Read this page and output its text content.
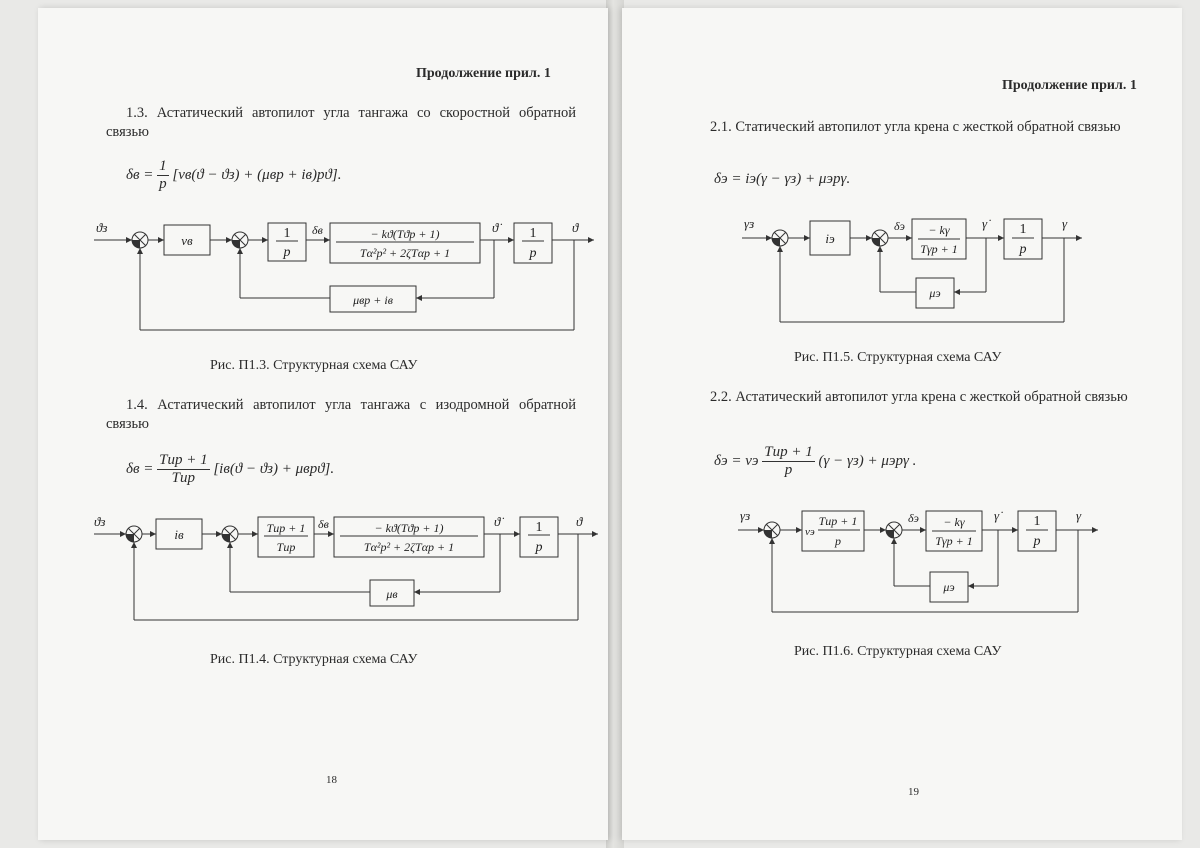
Продолжение прил. 1
1.3. Астатический автопилот угла тангажа со скоростной обратной связью
$\delta в = \frac{1}{p} [\nu в(ϑ - ϑз) + (\mu вp + iв)pϑ]$.
ϑз
νв	1
p
δв	− kϑ(Tϑp + 1)
Tα²p² + 2ζTαp + 1
ϑ̇ 1
p
ϑ
μвp + iв
Рис. П1.3. Структурная схема САУ
1.4. Астатический автопилот угла тангажа с изодромной обратной связью
$\delta в = \frac{\text{Tиp + 1}}{\text{Tиp}} [iв(ϑ - ϑз) + \mu вpϑ]$.
ϑз
iв	Tиp + 1
Tиp
δв	− kϑ(Tϑp + 1)
Tα²p² + 2ζTαp + 1
ϑ̇	1
p
ϑ
μв
Рис. П1.4. Структурная схема САУ
18
Продолжение прил. 1
2.1. Статический автопилот угла крена с жесткой обратной связью
δэ = iэ(γ − γз) + μэpγ.
γз
iэ
δэ − kγ
Tγp + 1
γ̇ 1
p
γ
μэ
Рис. П1.5. Структурная схема САУ
2.2. Астатический автопилот угла крена с жесткой обратной связью
δэ = νэ $\frac{\text{Tиp + 1}}{p} (\gamma - \gamma з) + \mu эp\gamma$ .
γз
νэ
Tиp + 1
p
δэ − kγ
Tγp + 1
γ̇ 1
p
γ
μэ
Рис. П1.6. Структурная схема САУ
19
